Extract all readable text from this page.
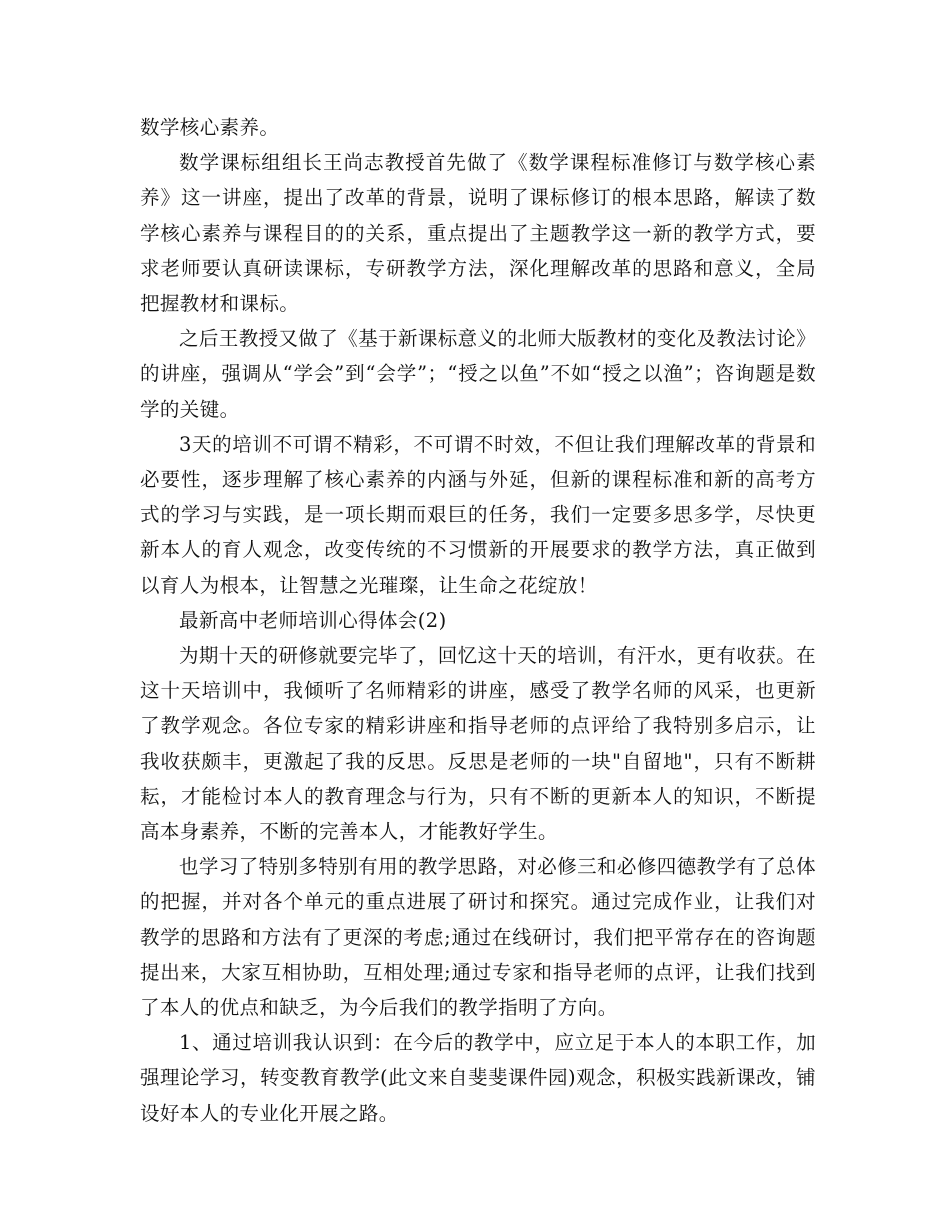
数学核心素养。

数学课标组组长王尚志教授首先做了《数学课程标准修订与数学核心素养》这一讲座，提出了改革的背景，说明了课标修订的根本思路，解读了数学核心素养与课程目的的关系，重点提出了主题教学这一新的教学方式，要求老师要认真研读课标，专研教学方法，深化理解改革的思路和意义，全局把握教材和课标。

之后王教授又做了《基于新课标意义的北师大版教材的变化及教法讨论》的讲座，强调从“学会”到“会学”；“授之以鱼”不如“授之以渔”；咨询题是数学的关键。

3天的培训不可谓不精彩，不可谓不时效，不但让我们理解改革的背景和必要性，逐步理解了核心素养的内涵与外延，但新的课程标准和新的高考方式的学习与实践，是一项长期而艰巨的任务，我们一定要多思多学，尽快更新本人的育人观念，改变传统的不习惯新的开展要求的教学方法，真正做到以育人为根本，让智慧之光璀璨，让生命之花绽放！

最新高中老师培训心得体会(2)

为期十天的研修就要完毕了，回忆这十天的培训，有汗水，更有收获。在这十天培训中，我倾听了名师精彩的讲座，感受了教学名师的风采，也更新了教学观念。各位专家的精彩讲座和指导老师的点评给了我特别多启示，让我收获颇丰，更激起了我的反思。反思是老师的一块"自留地"，只有不断耕耘，才能检讨本人的教育理念与行为，只有不断的更新本人的知识，不断提高本身素养，不断的完善本人，才能教好学生。

也学习了特别多特别有用的教学思路，对必修三和必修四德教学有了总体的把握，并对各个单元的重点进展了研讨和探究。通过完成作业，让我们对教学的思路和方法有了更深的考虑;通过在线研讨，我们把平常存在的咨询题提出来，大家互相协助，互相处理;通过专家和指导老师的点评，让我们找到了本人的优点和缺乏，为今后我们的教学指明了方向。

1、通过培训我认识到：在今后的教学中，应立足于本人的本职工作，加强理论学习，转变教育教学(此文来自斐斐课件园)观念，积极实践新课改，铺设好本人的专业化开展之路。
